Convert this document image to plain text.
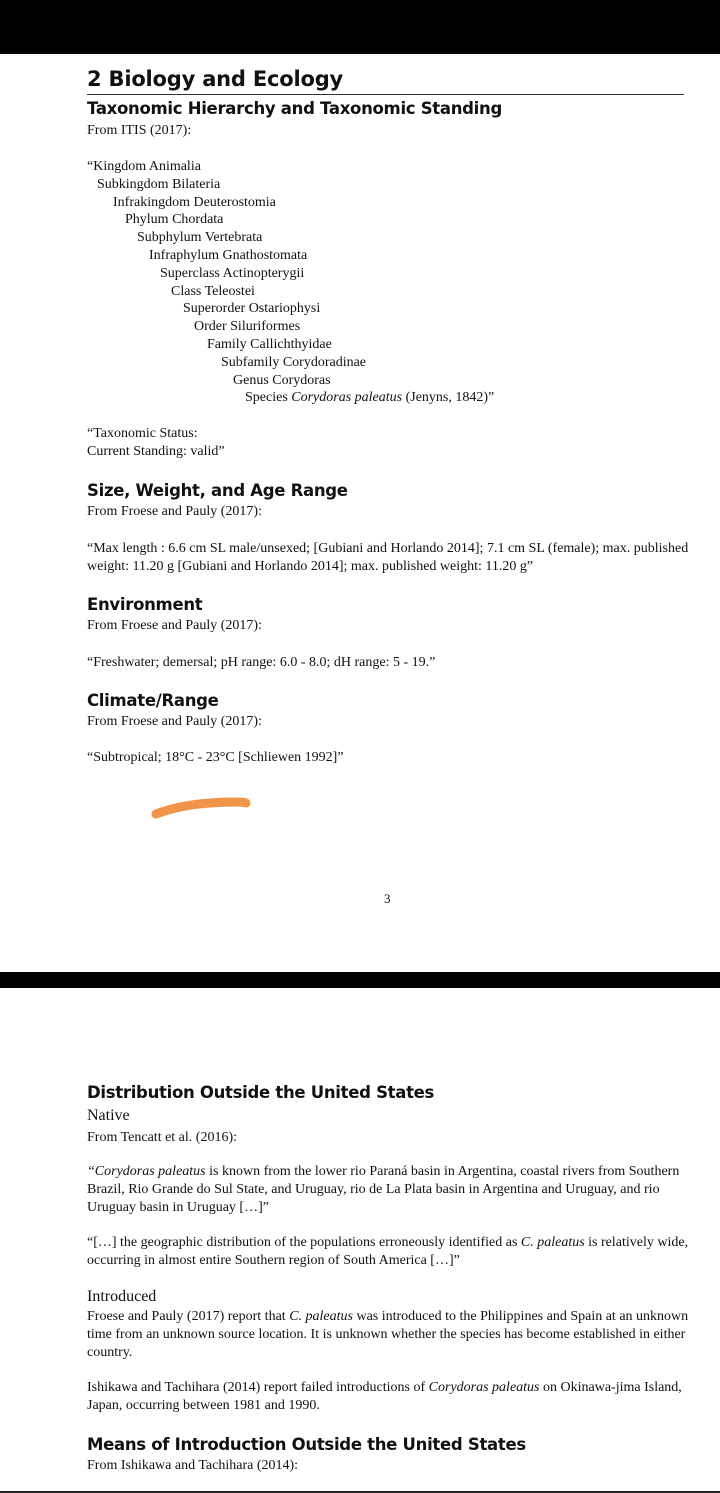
2 Biology and Ecology
Taxonomic Hierarchy and Taxonomic Standing
From ITIS (2017):
“Kingdom Animalia
Subkingdom Bilateria
Infrakingdom Deuterostomia
Phylum Chordata
Subphylum Vertebrata
Infraphylum Gnathostomata
Superclass Actinopterygii
Class Teleostei
Superorder Ostariophysi
Order Siluriformes
Family Callichthyidae
Subfamily Corydoradinae
Genus Corydoras
Species Corydoras paleatus (Jenyns, 1842)”
“Taxonomic Status:
Current Standing: valid”
Size, Weight, and Age Range
From Froese and Pauly (2017):
“Max length : 6.6 cm SL male/unsexed; [Gubiani and Horlando 2014]; 7.1 cm SL (female); max. published weight: 11.20 g [Gubiani and Horlando 2014]; max. published weight: 11.20 g”
Environment
From Froese and Pauly (2017):
“Freshwater; demersal; pH range: 6.0 - 8.0; dH range: 5 - 19.”
Climate/Range
From Froese and Pauly (2017):
“Subtropical; 18°C - 23°C [Schliewen 1992]”
3
Distribution Outside the United States
Native
From Tencatt et al. (2016):
“Corydoras paleatus is known from the lower rio Paraná basin in Argentina, coastal rivers from Southern Brazil, Rio Grande do Sul State, and Uruguay, rio de La Plata basin in Argentina and Uruguay, and rio Uruguay basin in Uruguay […]”
“[…] the geographic distribution of the populations erroneously identified as C. paleatus is relatively wide, occurring in almost entire Southern region of South America […]”
Introduced
Froese and Pauly (2017) report that C. paleatus was introduced to the Philippines and Spain at an unknown time from an unknown source location. It is unknown whether the species has become established in either country.
Ishikawa and Tachihara (2014) report failed introductions of Corydoras paleatus on Okinawa-jima Island, Japan, occurring between 1981 and 1990.
Means of Introduction Outside the United States
From Ishikawa and Tachihara (2014):
